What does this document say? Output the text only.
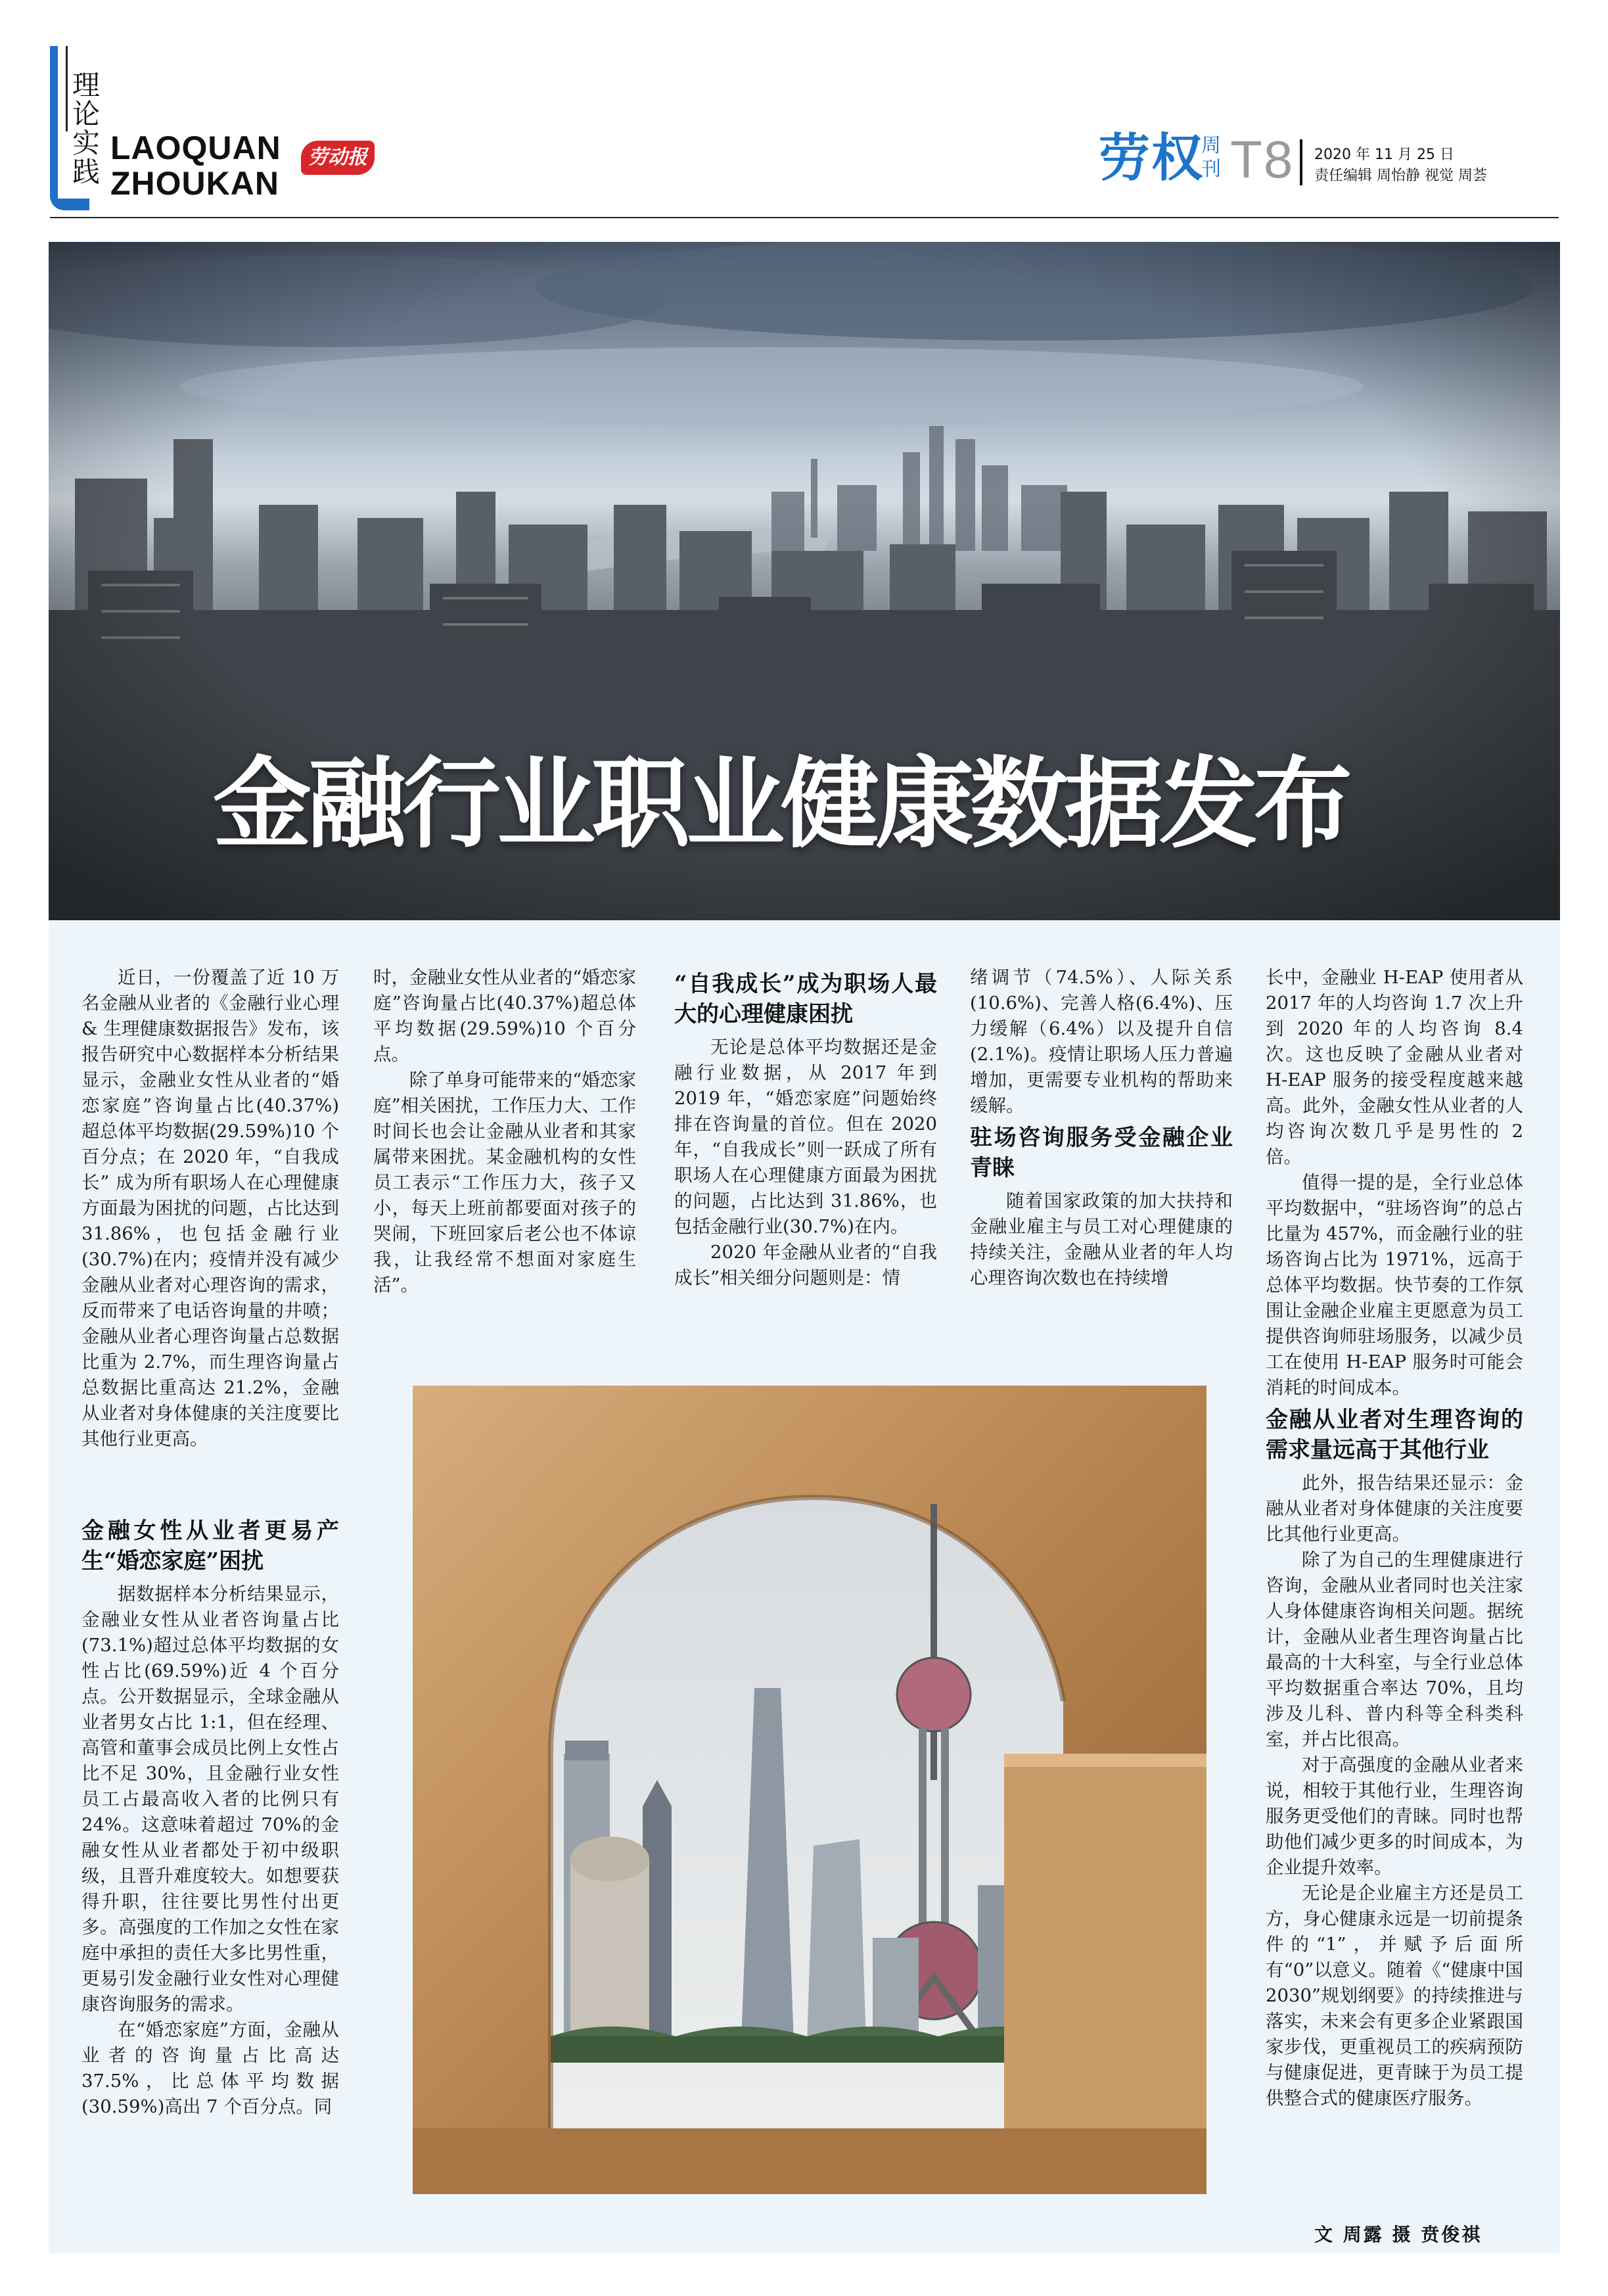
理论实践
LAOQUAN
ZHOUKAN
劳动报	劳权
周刊 T8 2020 年 11 月 25 日
责任编辑 周怡静 视觉 周荟
金融行业职业健康数据发布

近日，一份覆盖了近 10 万名金融从业者的《金融行业心理 & 生理健康数据报告》发布，该报告研究中心数据样本分析结果显示，金融业女性从业者的“婚恋家庭”咨询量占比(40.37%) 超总体平均数据(29.59%)10 个百分点；在 2020 年，“自我成长” 成为所有职场人在心理健康方面最为困扰的问题，占比达到 31.86%，也包括金融行业(30.7%)在内；疫情并没有减少金融从业者对心理咨询的需求，反而带来了电话咨询量的井喷；金融从业者心理咨询量占总数据比重为 2.7%，而生理咨询量占总数据比重高达 21.2%，金融从业者对身体健康的关注度要比其他行业更高。

金融女性从业者更易产生“婚恋家庭”困扰

据数据样本分析结果显示，金融业女性从业者咨询量占比(73.1%)超过总体平均数据的女性占比(69.59%)近 4 个百分点。公开数据显示，全球金融从业者男女占比 1:1，但在经理、高管和董事会成员比例上女性占比不足 30%，且金融行业女性员工占最高收入者的比例只有 24%。这意味着超过 70%的金融女性从业者都处于初中级职级，且晋升难度较大。如想要获得升职，往往要比男性付出更多。高强度的工作加之女性在家庭中承担的责任大多比男性重，更易引发金融行业女性对心理健康咨询服务的需求。

在“婚恋家庭”方面，金融从业者的咨询量占比高达 37.5%，比总体平均数据(30.59%)高出 7 个百分点。同

时，金融业女性从业者的“婚恋家庭”咨询量占比(40.37%)超总体平均数据(29.59%)10 个百分点。

除了单身可能带来的“婚恋家庭”相关困扰，工作压力大、工作时间长也会让金融从业者和其家属带来困扰。某金融机构的女性员工表示“工作压力大，孩子又小，每天上班前都要面对孩子的哭闹，下班回家后老公也不体谅我，让我经常不想面对家庭生活”。

“自我成长”成为职场人最大的心理健康困扰

无论是总体平均数据还是金融行业数据，从 2017 年到 2019 年，“婚恋家庭”问题始终排在咨询量的首位。但在 2020 年，“自我成长”则一跃成了所有职场人在心理健康方面最为困扰的问题，占比达到 31.86%，也包括金融行业(30.7%)在内。

2020 年金融从业者的“自我成长”相关细分问题则是：情

绪调节（74.5%）、人际关系(10.6%)、完善人格(6.4%)、压力缓解（6.4%）以及提升自信(2.1%)。疫情让职场人压力普遍增加，更需要专业机构的帮助来缓解。

驻场咨询服务受金融企业青睐

随着国家政策的加大扶持和金融业雇主与员工对心理健康的持续关注，金融从业者的年人均心理咨询次数也在持续增

长中，金融业 H-EAP 使用者从 2017 年的人均咨询 1.7 次上升到 2020 年的人均咨询 8.4 次。这也反映了金融从业者对 H-EAP 服务的接受程度越来越高。此外，金融女性从业者的人均咨询次数几乎是男性的 2 倍。

值得一提的是，全行业总体平均数据中，“驻场咨询”的总占比量为 457%，而金融行业的驻场咨询占比为 1971%，远高于总体平均数据。快节奏的工作氛围让金融企业雇主更愿意为员工提供咨询师驻场服务，以减少员工在使用 H-EAP 服务时可能会消耗的时间成本。

金融从业者对生理咨询的需求量远高于其他行业

此外，报告结果还显示：金融从业者对身体健康的关注度要比其他行业更高。

除了为自己的生理健康进行咨询，金融从业者同时也关注家人身体健康咨询相关问题。据统计，金融从业者生理咨询量占比最高的十大科室，与全行业总体平均数据重合率达 70%，且均涉及儿科、普内科等全科类科室，并占比很高。

对于高强度的金融从业者来说，相较于其他行业，生理咨询服务更受他们的青睐。同时也帮助他们减少更多的时间成本，为企业提升效率。

无论是企业雇主方还是员工方，身心健康永远是一切前提条件的“1”，并赋予后面所有“0”以意义。随着《“健康中国 2030”规划纲要》的持续推进与落实，未来会有更多企业紧跟国家步伐，更重视员工的疾病预防与健康促进，更青睐于为员工提供整合式的健康医疗服务。

文 周露 摄 贲俊祺
